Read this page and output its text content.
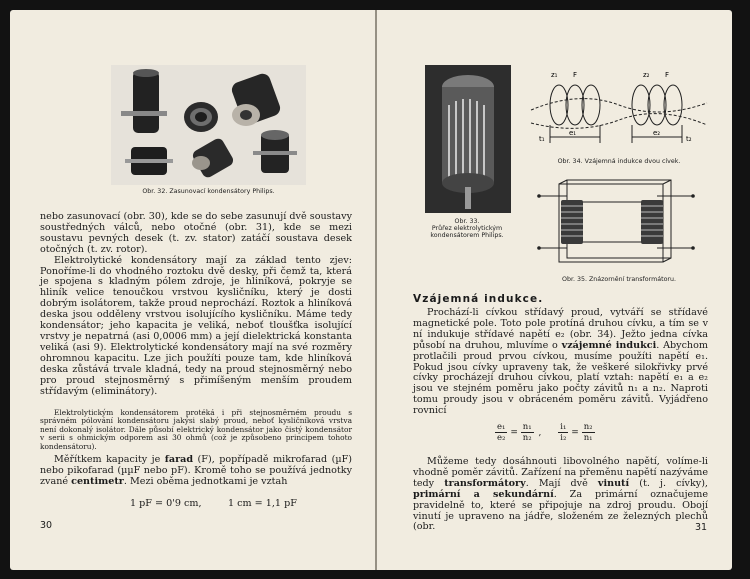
Obr. 32. Zasunovací kondensátory Philips.

nebo zasunovací (obr. 30), kde se do sebe zasunují dvě soustavy soustředných válců, nebo otočné (obr. 31), kde se mezi soustavu pevných desek (t. zv. stator) zatáčí soustava desek otočných (t. zv. rotor).

Elektrolytické kondensátory mají za základ tento zjev: Ponoříme-li do vhodného roztoku dvě desky, při čemž ta, která je spojena s kladným pólem zdroje, je hliníková, pokryje se hliník velice tenoučkou vrstvou kysličníku, který je dosti dobrým isolátorem, takže proud neprochází. Roztok a hliníková deska jsou odděleny vrstvou isolujícího kysličníku. Máme tedy kondensátor; jeho kapacita je veliká, neboť tloušťka isolující vrstvy je nepatrná (asi 0,0006 mm) a její dielektrická konstanta veliká (asi 9). Elektrolytické kondensátory mají na své rozměry ohromnou kapacitu. Lze jich použíti pouze tam, kde hliníková deska zůstává trvale kladná, tedy na proud stejnosměrný nebo pro proud stejnosměrný s přimíšeným menším proudem střídavým (eliminátory).

Elektrolytickým kondensátorem protéká i při stejnosměrném proudu s správném pólování kondensátoru jakýsi slabý proud, neboť kysličníková vrstva není dokonalý isolátor. Dále působí elektrický kondensátor jako čistý kondensátor v serii s ohmickým odporem asi 30 ohmů (což je způsobeno principem tohoto kondensátoru).

Měřítkem kapacity je farad (F), popřípadě mikrofarad (µF) nebo pikofarad (µµF nebo pF). Kromě toho se používá jednotky zvané centimetr. Mezi oběma jednotkami je vztah

1 pF = 0'9 cm,	1 cm = 1,1 pF
30
Obr. 33.
Průřez elektrolytickým
kondensátorem Philips.
z₁ F	z₂ F
t₁
e₁	e₂
t₂
Obr. 34. Vzájemná indukce dvou cívek.
Obr. 35. Znázornění transformátoru.
Vzájemná indukce.

Prochází-li cívkou střídavý proud, vytváří se střídavé magnetické pole. Toto pole protíná druhou cívku, a tím se v ní indukuje střídavé napětí e₂ (obr. 34). Ježto jedna cívka působí na druhou, mluvíme o vzájemné indukci. Abychom protlačili proud prvou cívkou, musíme použíti napětí e₁. Pokud jsou cívky upraveny tak, že veškeré silokřivky prvé cívky procházejí druhou cívkou, platí vztah: napětí e₁ a e₂ jsou ve stejném poměru jako počty závitů n₁ a n₂. Naproti tomu proudy jsou v obráceném poměru závitů. Vyjádřeno rovnicí

$\frac{\text{e₁}}{\text{e₂}} = \frac{\text{n₁}}{\text{n₂}}$ , $\frac{\text{i₁}}{\text{i₂}} = \frac{\text{n₂}}{\text{n₁}}$

Můžeme tedy dosáhnouti libovolného napětí, volíme-li vhodně poměr závitů. Zařízení na přeměnu napětí nazýváme tedy transformátory. Mají dvě vinutí (t. j. cívky), primární a sekundární. Za primární označujeme pravidelně to, které se připojuje na zdroj proudu. Obojí vinutí je upraveno na jádře, složeném ze železných plechů (obr.	31
